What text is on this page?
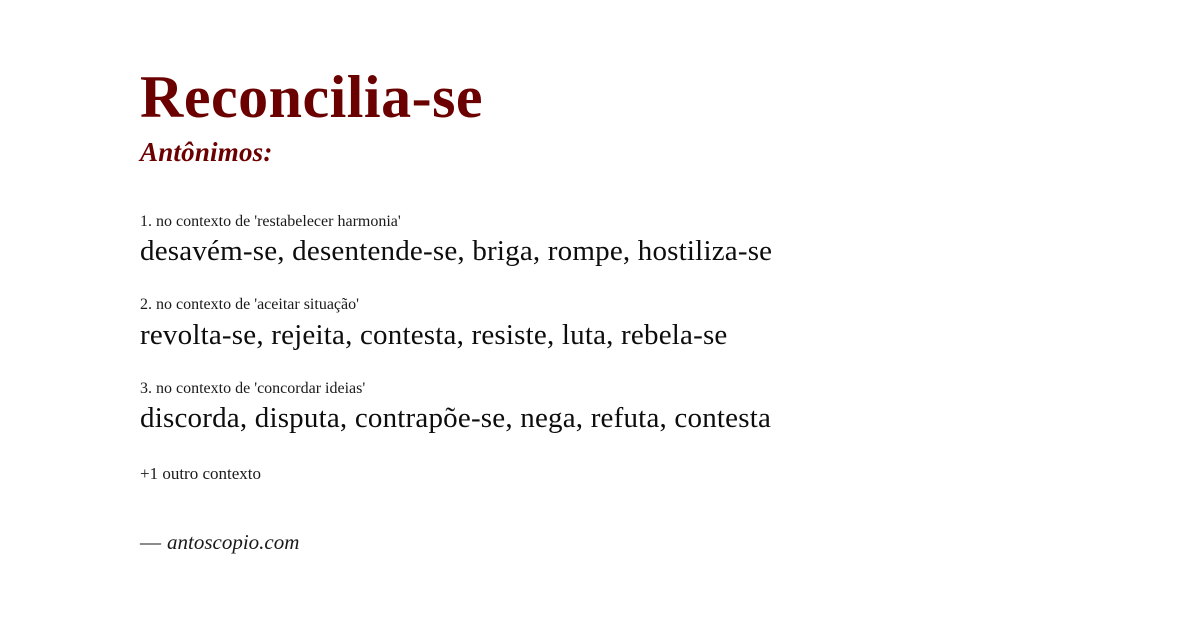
Reconcilia-se
Antônimos:
1. no contexto de 'restabelecer harmonia'
desavém-se, desentende-se, briga, rompe, hostiliza-se
2. no contexto de 'aceitar situação'
revolta-se, rejeita, contesta, resiste, luta, rebela-se
3. no contexto de 'concordar ideias'
discorda, disputa, contrapõe-se, nega, refuta, contesta
+1 outro contexto
— antoscopio.com
